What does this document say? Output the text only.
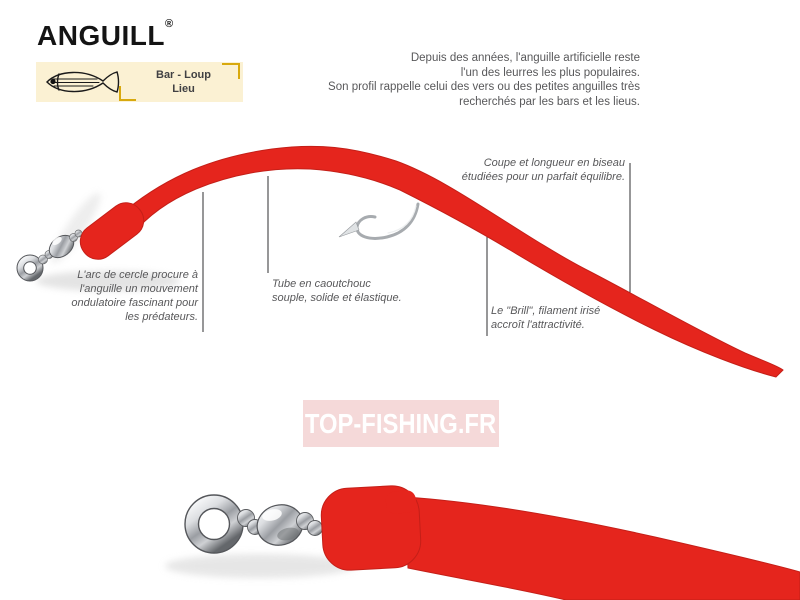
ANGUILL®
Bar - Loup
Lieu
Depuis des années, l'anguille artificielle reste
l'un des leurres les plus populaires.
Son profil rappelle celui des vers ou des petites anguilles très
recherchés par les bars et les lieus.
Coupe et longueur en biseau
étudiées pour un parfait équilibre.
L'arc de cercle procure à
l'anguille un mouvement
ondulatoire fascinant pour
les prédateurs.
Tube en caoutchouc
souple, solide et élastique.
Le "Brill", filament irisé
accroît l'attractivité.
TOP-FISHING.FR
